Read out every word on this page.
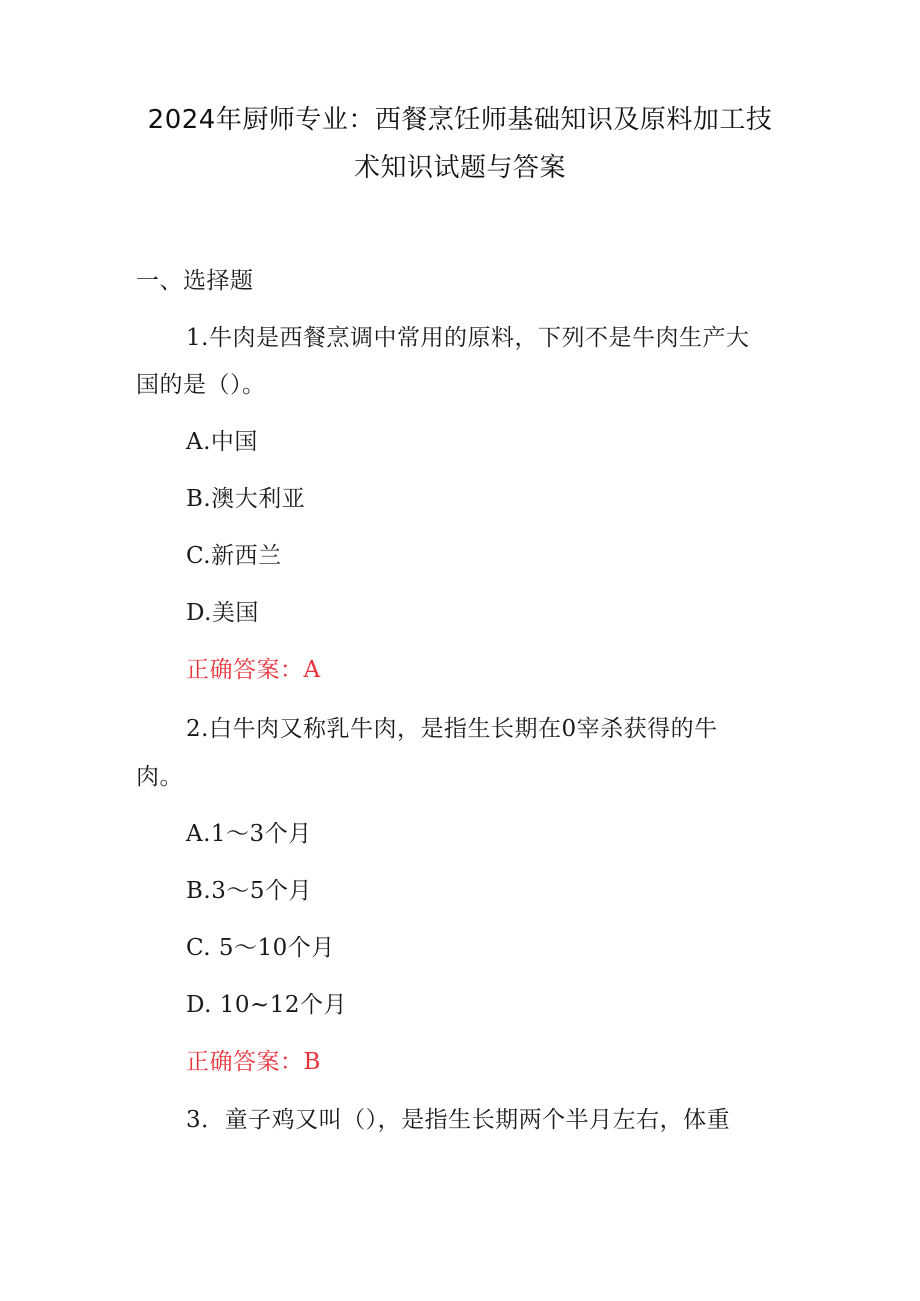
2024年厨师专业：西餐烹饪师基础知识及原料加工技
术知识试题与答案
一、选择题
1.牛肉是西餐烹调中常用的原料，下列不是牛肉生产大
国的是（）。
A.中国
B.澳大利亚
C.新西兰
D.美国
正确答案：A
2.白牛肉又称乳牛肉，是指生长期在0宰杀获得的牛
肉。
A.1～3个月
B.3～5个月
C. 5～10个月
D. 10~12个月
正确答案：B
3．童子鸡又叫（），是指生长期两个半月左右，体重
